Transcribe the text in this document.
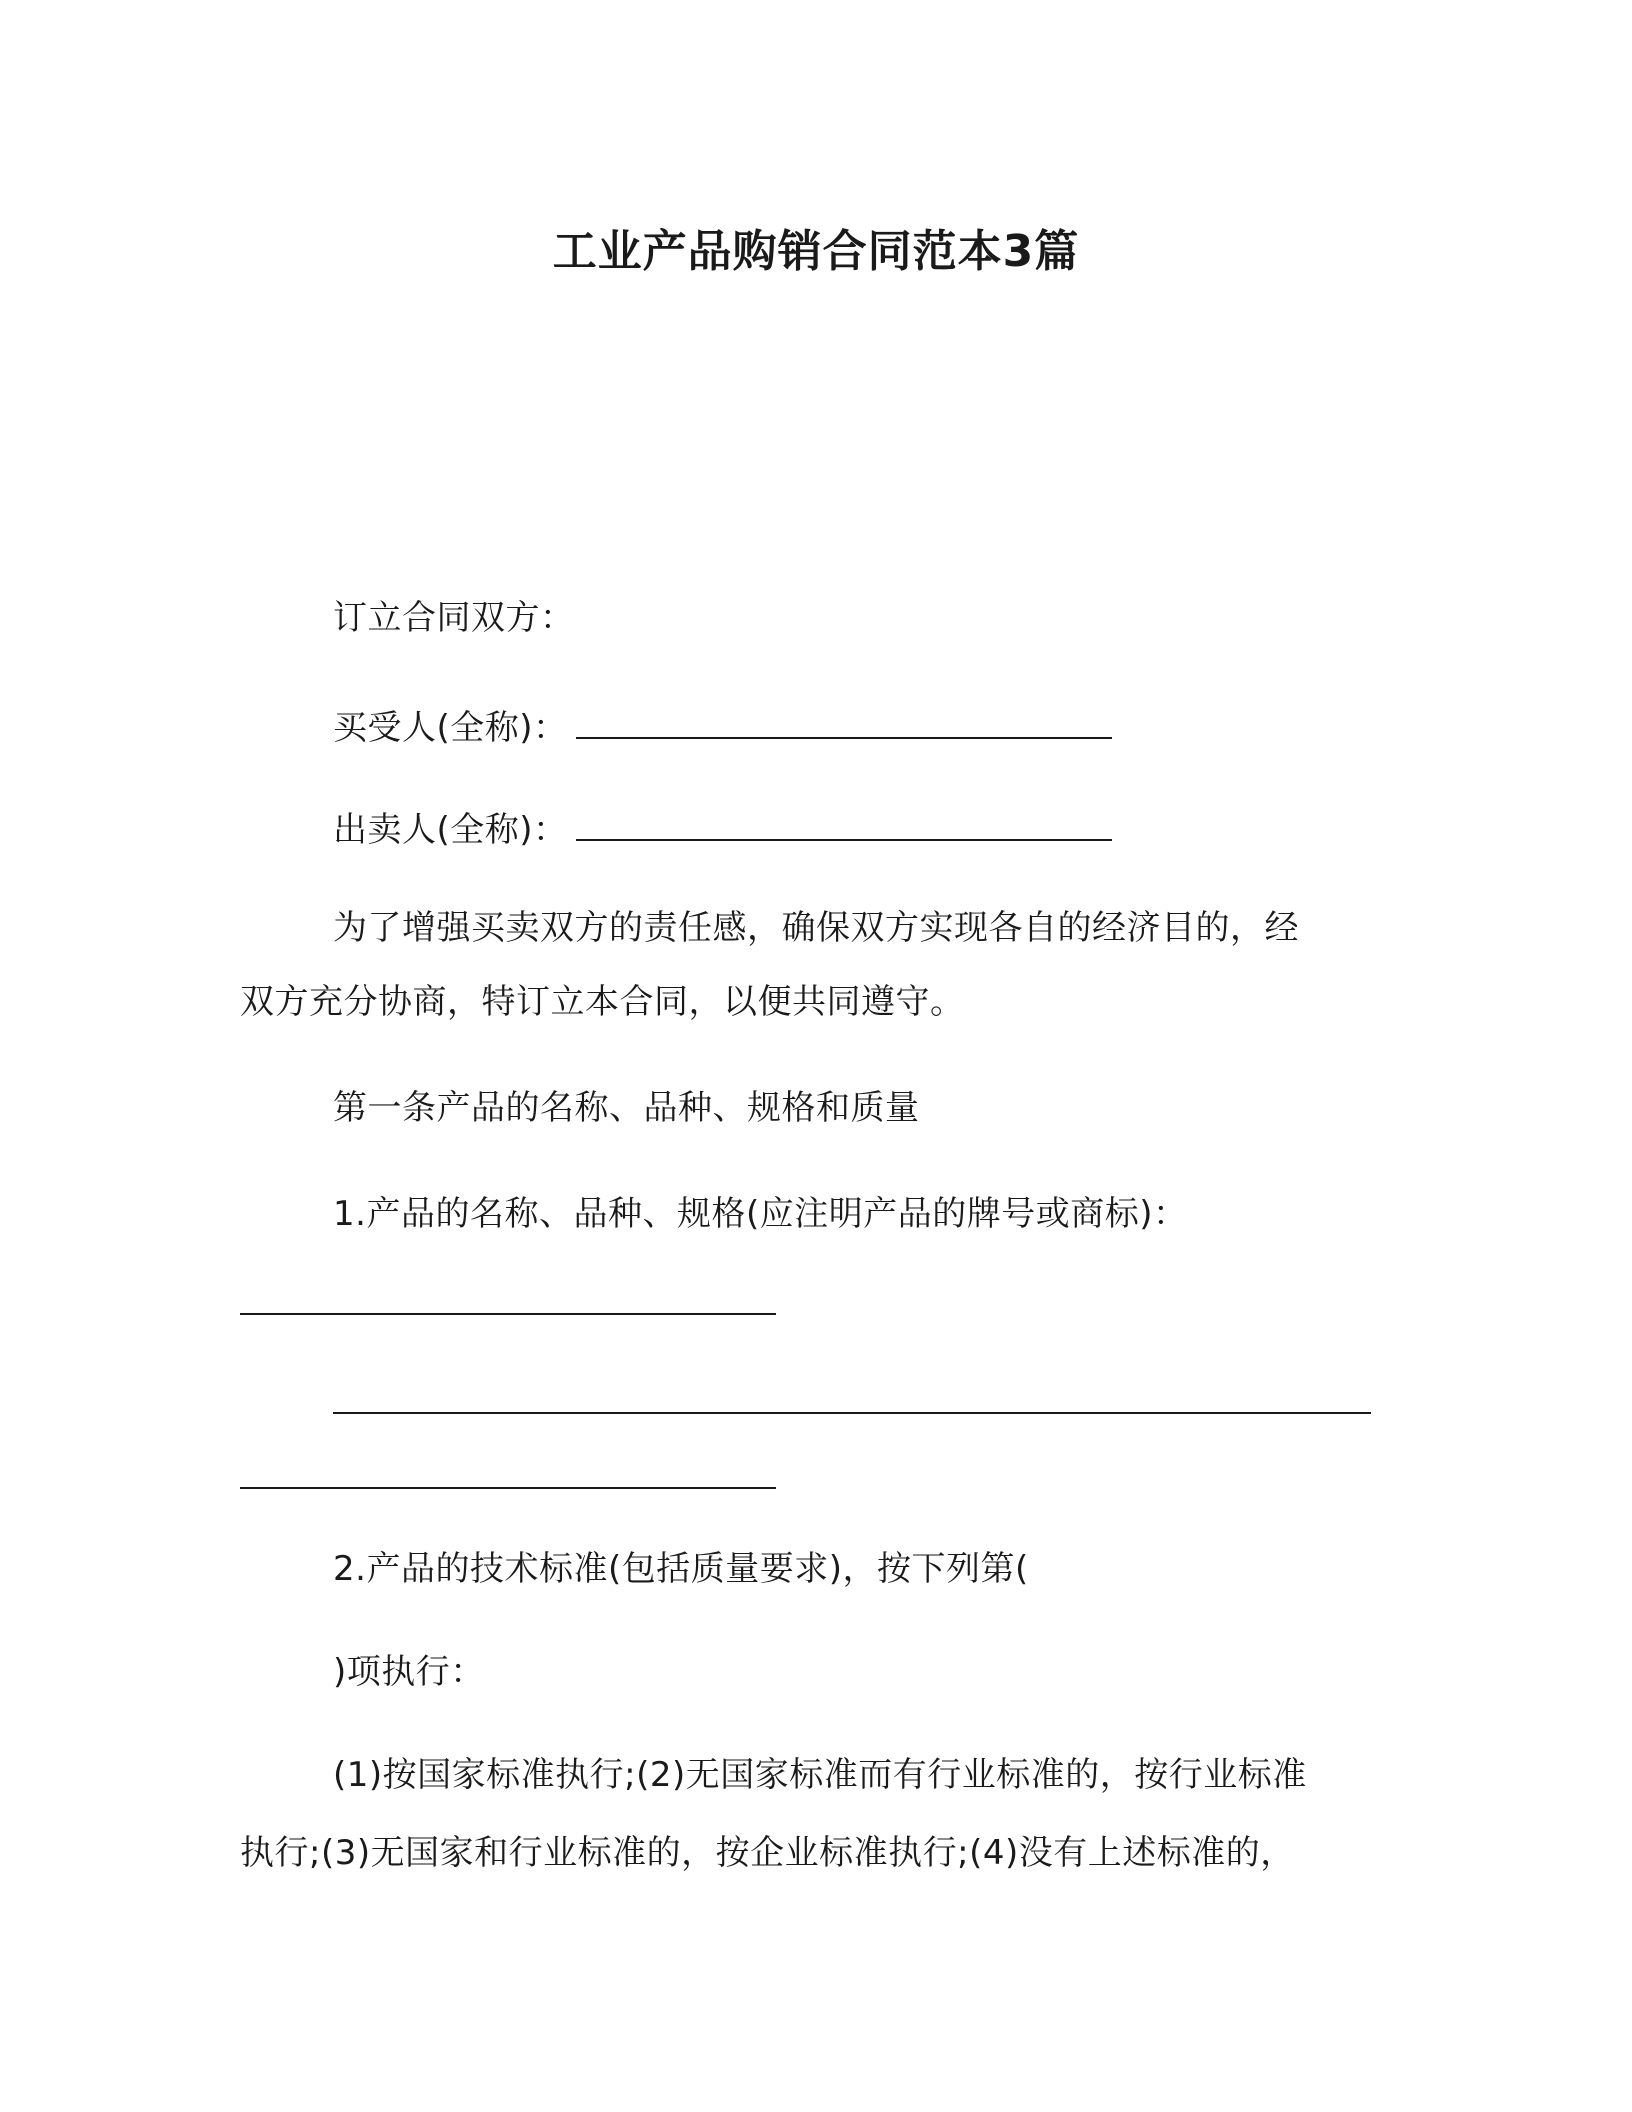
工业产品购销合同范本3篇
订立合同双方：
买受人(全称)：
出卖人(全称)：
为了增强买卖双方的责任感，确保双方实现各自的经济目的，经
双方充分协商，特订立本合同，以便共同遵守。
第一条产品的名称、品种、规格和质量
1.产品的名称、品种、规格(应注明产品的牌号或商标)：
2.产品的技术标准(包括质量要求)，按下列第(
)项执行：
(1)按国家标准执行;(2)无国家标准而有行业标准的，按行业标准
执行;(3)无国家和行业标准的，按企业标准执行;(4)没有上述标准的，
